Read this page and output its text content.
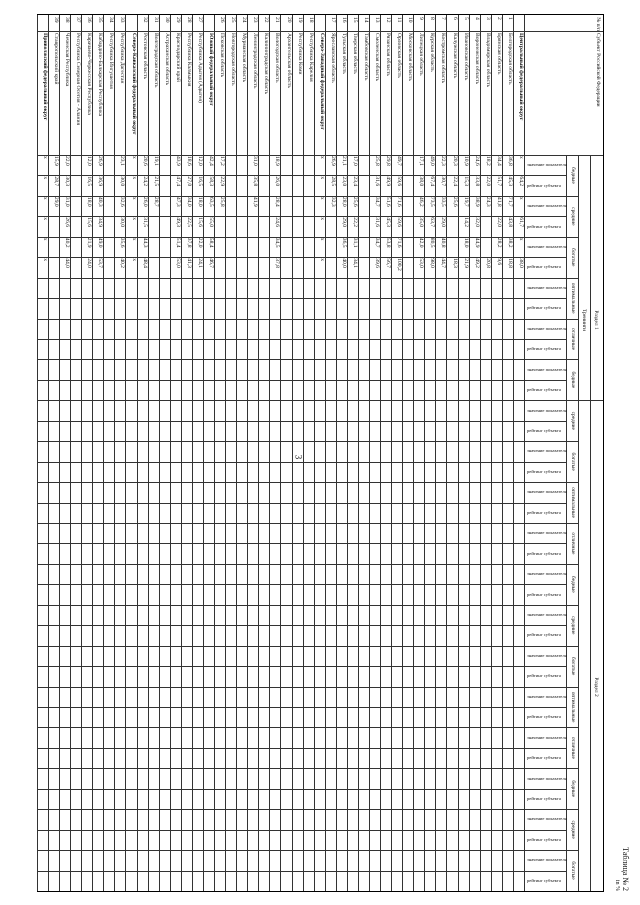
3
Таблица № 2
in %
№ п/п
Субъект Российской Федерации
Раздел 1
Раздел 2
Тренинги
бедные
средние
богатые
оптимальные
отличные
бедные
средние
богатые
оптимальные
отличные
бедные
средние
богатые
оптимальные
отличные
бедные
средние
богатые
значение показателя
рейтинг субъекта
значение показателя
рейтинг субъекта
значение показателя
рейтинг субъекта
значение показателя
рейтинг субъекта
значение показателя
рейтинг субъекта
значение показателя
рейтинг субъекта
значение показателя
рейтинг субъекта
значение показателя
рейтинг субъекта
значение показателя
рейтинг субъекта
значение показателя
рейтинг субъекта
значение показателя
рейтинг субъекта
значение показателя
рейтинг субъекта
значение показателя
рейтинг субъекта
значение показателя
рейтинг субъекта
значение показателя
рейтинг субъекта
значение показателя
рейтинг субъекта
значение показателя
рейтинг субъекта
значение показателя
рейтинг субъекта
Центральный федеральный округ
х
64,2
х
61,7
х
38,0
1
Белгородская область
36,8
45,3
71,7
43,8
38,2
18,8
2
Брянская область
34,4
51,7
41,8
22,0
28,2
9,6
3
Владимирская область
18,2
22,0
24,3
20,8
4
Воронежская область
24,6
33,8
38,9
32,0
44,9
49,2
5
Ивановская область
10,9
15,3
19,7
14,2
18,0
21,9
6
Калужская область
20,3
22,4
25,6
18,3
7
Костромская область
22,3
30,7
33,5
29,0
40,8
44,7
8
Курская область
49,0
67,4
73,5
63,7
80,5
98,0
9
Липецкая область
17,1
38,0
46,2
35,0
42,0
53,0
10
Московская область
11
Орловская область
49,7
59,6
71,6
59,6
71,6
100,2
12
Рязанская область
29,8
49,9
51,6
45,3
53,8
56,7
13
Смоленская область
25,8
31,6
34,7
31,6
34,7
39,6
14
Тамбовская область
15
Тверская область
17,0
23,4
25,6
22,2
31,1
34,1
16
Тульская область
21,1
23,0
28,0
29,0
36,5
40,0
17
Ярославская область
26,9
28,5
32,3
Северо-Западный федеральный округ
х
х
х
х
х
х
18
Республика Карелия
19
Республика Коми
20
Архангельская область
21
Вологодская область
18,9
26,0
28,4
24,6
34,5
37,8
22
Калининградская область
23
Ленинградская область
31,0
35,8
41,9
24
Мурманская область
25
Новгородская область
26
Псковская область
17,2
22,9
25,8
Южный федеральный округ
42,4
58,3
63,5
55,0
58,4
46,7
27
Республика Адыгея (Адыгея)
12,0
16,5
18,0
15,6
22,0
24,1
28
Республика Калмыкия
18,6
27,0
34,0
22,5
37,8
41,3
29
Краснодарский край
43,9
47,4
47,3
49,3
51,4
53,0
30
Астраханская область
31
Волгоградская область
19,1
21,5
28,7
32
Ростовская область
20,6
24,2
26,0
31,5
44,3
48,4
Северо-Кавказский федеральный округ
х
х
х
х
х
х
33
Республика Дагестан
23,1
30,0
32,6
30,0
35,6
40,2
34
Республика Ингушетия
35
Кабардино-Балкарская Республика
26,9
36,9
40,3
34,9
49,0
53,7
36
Карачаево-Черкесская Республика
12,0
16,5
18,0
15,6
21,9
24,0
37
Республика Северная Осетия - Алания
38
Чеченская Республика
22,0
30,3
31,0
26,6
40,2
44,0
39
Ставропольский край
15,9
28,7
29,0
Приволжский федеральный округ
х
х
х
х
х
х
